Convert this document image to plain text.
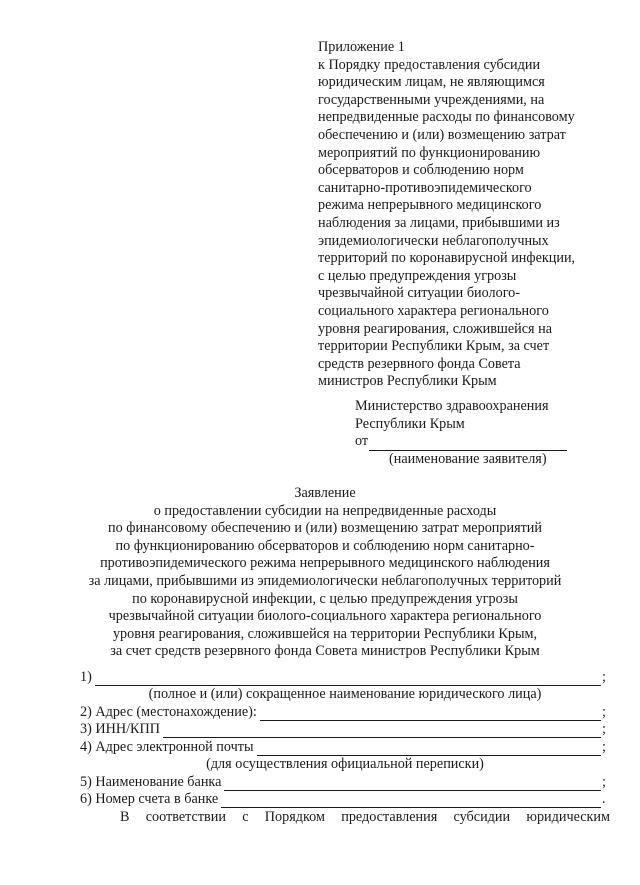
Приложение 1
к Порядку предоставления субсидии
юридическим лицам, не являющимся
государственными учреждениями, на
непредвиденные расходы по финансовому
обеспечению и (или) возмещению затрат
мероприятий по функционированию
обсерваторов и соблюдению норм
санитарно-противоэпидемического
режима непрерывного медицинского
наблюдения за лицами, прибывшими из
эпидемиологически неблагополучных
территорий по коронавирусной инфекции,
с целью предупреждения угрозы
чрезвычайной ситуации биолого-
социального характера регионального
уровня реагирования, сложившейся на
территории Республики Крым, за счет
средств резервного фонда Совета
министров Республики Крым
Министерство здравоохранения
Республики Крым
от
(наименование заявителя)
Заявление
о предоставлении субсидии на непредвиденные расходы
по финансовому обеспечению и (или) возмещению затрат мероприятий
по функционированию обсерваторов и соблюдению норм санитарно-
противоэпидемического режима непрерывного медицинского наблюдения
за лицами, прибывшими из эпидемиологически неблагополучных территорий
по коронавирусной инфекции, с целью предупреждения угрозы
чрезвычайной ситуации биолого-социального характера регионального
уровня реагирования, сложившейся на территории Республики Крым,
за счет средств резервного фонда Совета министров Республики Крым
1)	;
(полное и (или) сокращенное наименование юридического лица)
2) Адрес (местонахождение):	;
3) ИНН/КПП	;
4) Адрес электронной почты	;
(для осуществления официальной переписки)
5) Наименование банка	;
6) Номер счета в банке	.
В соответствии с Порядком предоставления субсидии юридическим
